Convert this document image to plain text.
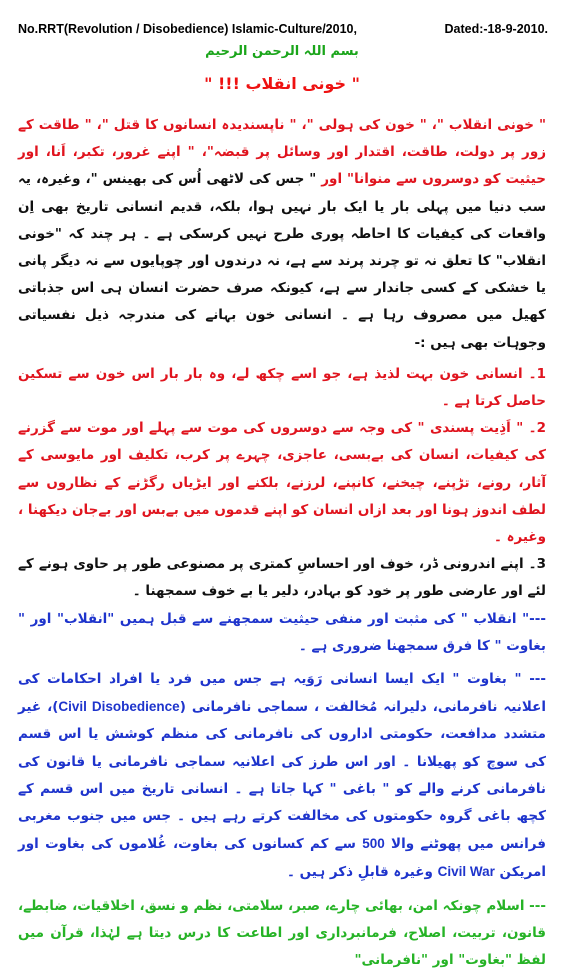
No.RRT(Revolution / Disobedience) Islamic-Culture/2010,	Dated:-18-9-2010.
بسم اللہ الرحمن الرحیم
" خونی انقلاب !!! "

" خونی انقلاب "، " خون کی ہولی "، " ناپسندیدہ انسانوں کا قتل "، " طاقت کے زور پر دولت، طاقت، اقتدار اور وسائل پر قبضہ"، " اپنے غرور، تکبر، اَنا، اور حیثیت کو دوسروں سے منوانا" اور " جس کی لاٹھی اُس کی بھینس "، وغیرہ، یہ سب دنیا میں پہلی بار یا ایک بار نہیں ہوا، بلکہ، قدیم انسانی تاریخ بھی اِن واقعات کی کیفیات کا احاطہ پوری طرح نہیں کرسکی ہے ۔ ہر چند کہ "خونی انقلاب" کا تعلق نہ تو چرند پرند سے ہے، نہ درندوں اور چوپایوں سے نہ دیگر پانی یا خشکی کے کسی جاندار سے ہے، کیونکہ صرف حضرت انسان ہی اس جذباتی کھیل میں مصروف رہا ہے ۔ انسانی خون بہانے کی مندرجہ ذیل نفسیاتی وجوہات بھی ہیں :-

1۔ انسانی خون بہت لذیذ ہے، جو اسے چکھ لے، وہ بار بار اس خون سے تسکین حاصل کرتا ہے ۔

2۔ " اَذِیت پسندی " کی وجہ سے دوسروں کی موت سے پہلے اور موت سے گزرنے کی کیفیات، انسان کی بےبسی، عاجزی، چہرے پر کرب، تکلیف اور مایوسی کے آثار، رونے، تڑپنے، چیخنے، کانپنے، لرزنے، بلکنے اور ایڑیاں رگڑنے کے نظاروں سے لطف اندوز ہونا اور بعد ازاں انسان کو اپنے قدموں میں بےبس اور بےجان دیکھنا ، وغیرہ ۔

3۔ اپنے اندرونی ڈر، خوف اور احساسِ کمتری پر مصنوعی طور پر حاوی ہونے کے لئے اور عارضی طور پر خود کو بہادر، دلیر یا بے خوف سمجھنا ۔

---" انقلاب " کی مثبت اور منفی حیثیت سمجھنے سے قبل ہمیں "انقلاب" اور " بغاوت " کا فرق سمجھنا ضروری ہے ۔

--- " بغاوت " ایک ایسا انسانی رَوَیہ ہے جس میں فرد یا افراد احکامات کی اعلانیہ نافرمانی، دلیرانہ مُخالفت ، سماجی نافرمانی (Civil Disobedience)، غیر متشدد مدافعت، حکومتی اداروں کی نافرمانی کی منظم کوشش یا اس قسم کی سوچ کو پھیلانا ۔ اور اس طرز کی اعلانیہ سماجی نافرمانی یا قانون کی نافرمانی کرنے والے کو " باغی " کہا جاتا ہے ۔ انسانی تاریخ میں اس قسم کے کچھ باغی گروہ حکومتوں کی مخالفت کرتے رہے ہیں ۔ جس میں جنوب مغربی فرانس میں پھوٹنے والا 500 سے کم کسانوں کی بغاوت، غُلاموں کی بغاوت اور امریکن Civil War وغیرہ قابلِ ذکر ہیں ۔

--- اسلام چونکہ امن، بھائی چارے، صبر، سلامتی، نظم و نسق، اخلاقیات، ضابطے، قانون، تربیت، اصلاح، فرمانبرداری اور اطاعت کا درس دیتا ہے لہٰذا، قرآن میں لفظ "بغاوت" اور "نافرمانی"
